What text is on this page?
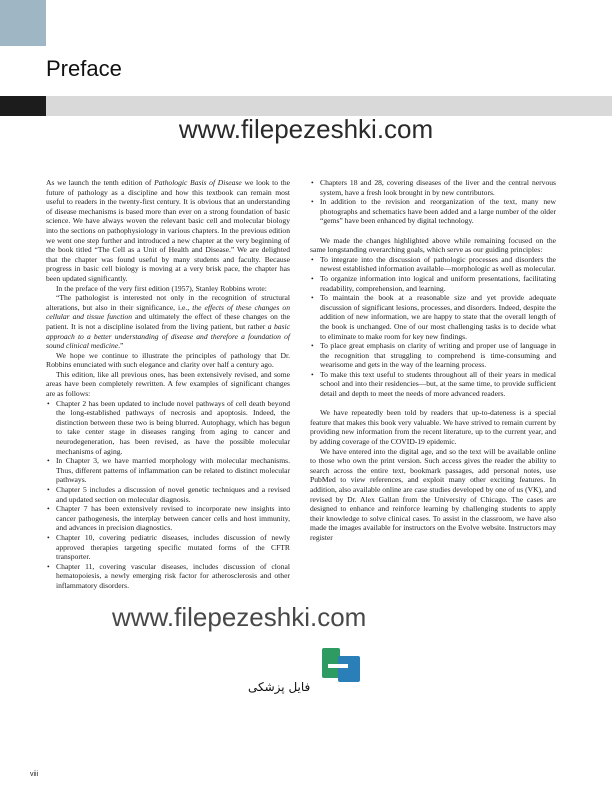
Preface
www.filepezeshki.com

As we launch the tenth edition of Pathologic Basis of Disease we look to the future of pathology as a discipline and how this textbook can remain most useful to readers in the twenty-first century. It is obvious that an understanding of disease mechanisms is based more than ever on a strong foundation of basic science. We have always woven the relevant basic cell and molecular biology into the sections on pathophysiology in various chapters. In the previous edition we went one step further and introduced a new chapter at the very beginning of the book titled “The Cell as a Unit of Health and Disease.” We are delighted that the chapter was found useful by many students and faculty. Because progress in basic cell biology is moving at a very brisk pace, the chapter has been updated significantly.

In the preface of the very first edition (1957), Stanley Robbins wrote:

“The pathologist is interested not only in the recognition of structural alterations, but also in their significance, i.e., the effects of these changes on cellular and tissue function and ultimately the effect of these changes on the patient. It is not a discipline isolated from the living patient, but rather a basic approach to a better understanding of disease and therefore a foundation of sound clinical medicine.”

We hope we continue to illustrate the principles of pathology that Dr. Robbins enunciated with such elegance and clarity over half a century ago.

This edition, like all previous ones, has been extensively revised, and some areas have been completely rewritten. A few examples of significant changes are as follows:

• Chapter 2 has been updated to include novel pathways of cell death beyond the long-established pathways of necrosis and apoptosis. Indeed, the distinction between these two is being blurred. Autophagy, which has begun to take center stage in diseases ranging from aging to cancer and neurodegeneration, has been revised, as have the possible molecular mechanisms of aging.
• In Chapter 3, we have married morphology with molecular mechanisms. Thus, different patterns of inflammation can be related to distinct molecular pathways.
• Chapter 5 includes a discussion of novel genetic techniques and a revised and updated section on molecular diagnosis.
• Chapter 7 has been extensively revised to incorporate new insights into cancer pathogenesis, the interplay between cancer cells and host immunity, and advances in precision diagnostics.
• Chapter 10, covering pediatric diseases, includes discussion of newly approved therapies targeting specific mutated forms of the CFTR transporter.
• Chapter 11, covering vascular diseases, includes discussion of clonal hematopoiesis, a newly emerging risk factor for atherosclerosis and other inflammatory disorders.
• Chapters 18 and 28, covering diseases of the liver and the central nervous system, have a fresh look brought in by new contributors.
• In addition to the revision and reorganization of the text, many new photographs and schematics have been added and a large number of the older “gems” have been enhanced by digital technology.

We made the changes highlighted above while remaining focused on the same longstanding overarching goals, which serve as our guiding principles:

• To integrate into the discussion of pathologic processes and disorders the newest established information available—morphologic as well as molecular.
• To organize information into logical and uniform presentations, facilitating readability, comprehension, and learning.
• To maintain the book at a reasonable size and yet provide adequate discussion of significant lesions, processes, and disorders. Indeed, despite the addition of new information, we are happy to state that the overall length of the book is unchanged. One of our most challenging tasks is to decide what to eliminate to make room for key new findings.
• To place great emphasis on clarity of writing and proper use of language in the recognition that struggling to comprehend is time-consuming and wearisome and gets in the way of the learning process.
• To make this text useful to students throughout all of their years in medical school and into their residencies—but, at the same time, to provide sufficient detail and depth to meet the needs of more advanced readers.

We have repeatedly been told by readers that up-to-dateness is a special feature that makes this book very valuable. We have strived to remain current by providing new information from the recent literature, up to the current year, and by adding coverage of the COVID-19 epidemic.

We have entered into the digital age, and so the text will be available online to those who own the print version. Such access gives the reader the ability to search across the entire text, bookmark passages, add personal notes, use PubMed to view references, and exploit many other exciting features. In addition, also available online are case studies developed by one of us (VK), and revised by Dr. Alex Gallan from the University of Chicago. The cases are designed to enhance and reinforce learning by challenging students to apply their knowledge to solve clinical cases. To assist in the classroom, we have also made the images available for instructors on the Evolve website. Instructors may register

www.filepezeshki.com
فایل پزشکی
viii
